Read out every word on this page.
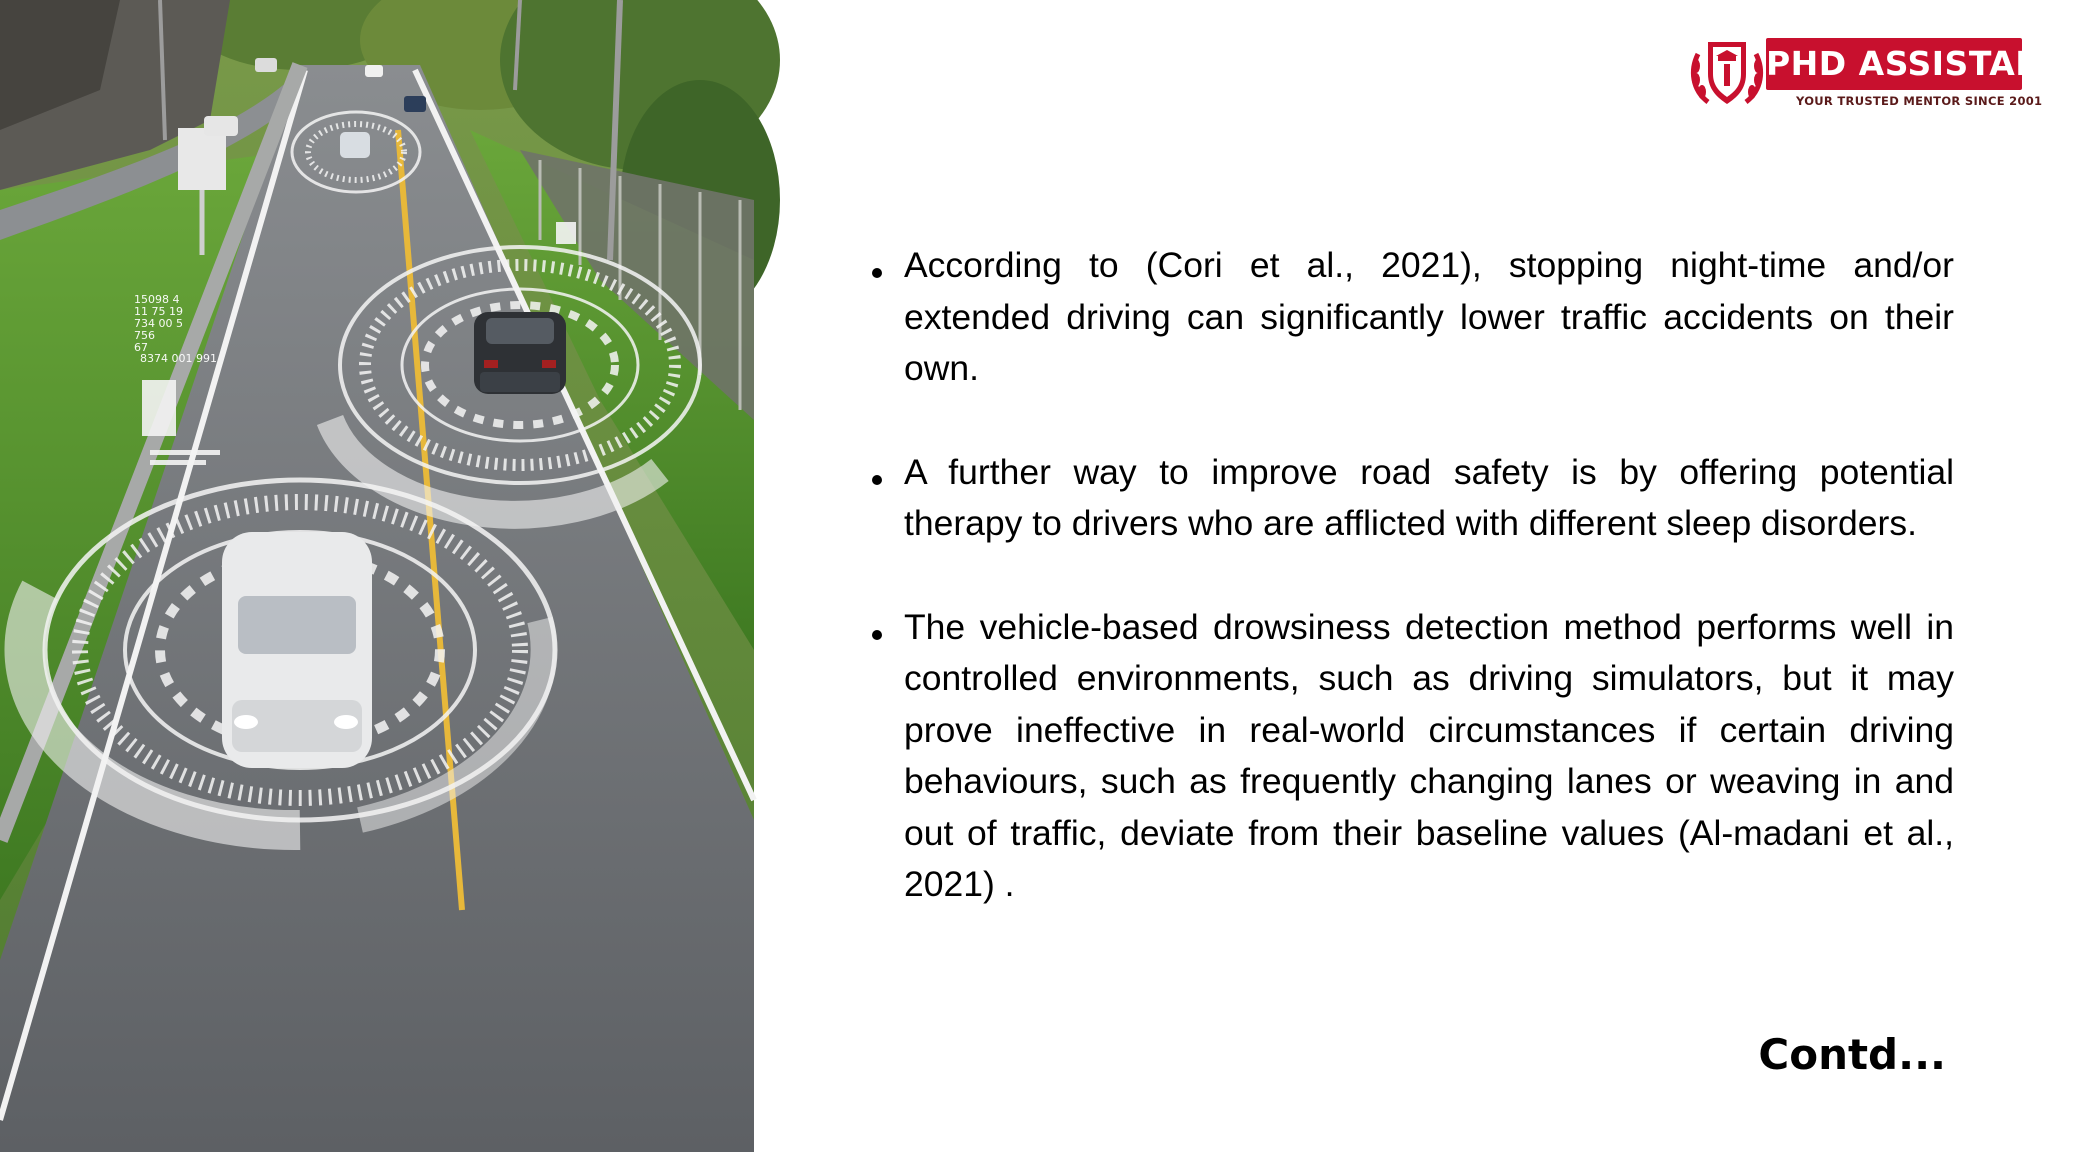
15098 4
11 75 19
734 00 5
756
67
8374 001 991
PHD ASSISTANCE
YOUR TRUSTED MENTOR SINCE 2001
According to (Cori et al., 2021), stopping night-time and/or extended driving can significantly lower traffic accidents on their own.
A further way to improve road safety is by offering potential therapy to drivers who are afflicted with different sleep disorders.
The vehicle-based drowsiness detection method performs well in controlled environments, such as driving simulators, but it may prove ineffective in real-world circumstances if certain driving behaviours, such as frequently changing lanes or weaving in and out of traffic, deviate from their baseline values (Al-madani et al., 2021) .
Contd...
